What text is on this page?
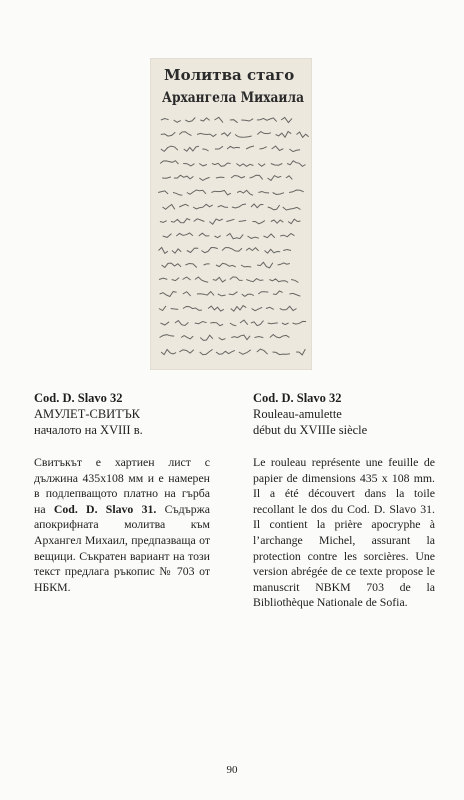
Молитва стаго
Архангела Михаила

Cod. D. Slavo 32

АМУЛЕТ-СВИТЪК

началото на XVIII в.

Свитъкът е хартиен лист с дължина 435x108 мм и е намерен в подлепващото платно на гърба на Cod. D. Slavo 31. Съдържа апокрифната молитва към Архангел Михаил, предпазваща от вещици. Съкратен вариант на този текст предлага ръкопис № 703 от НБКМ.

Cod. D. Slavo 32

Rouleau-amulette

début du XVIIIe siècle

Le rouleau représente une feuille de papier de dimensions 435 x 108 mm. Il a été découvert dans la toile recollant le dos du Cod. D. Slavo 31. Il contient la prière apocryphe à l’archange Michel, assurant la protection contre les sorcières. Une version abrégée de ce texte propose le manuscrit NBKM 703 de la Bibliothèque Nationale de Sofia.
90
